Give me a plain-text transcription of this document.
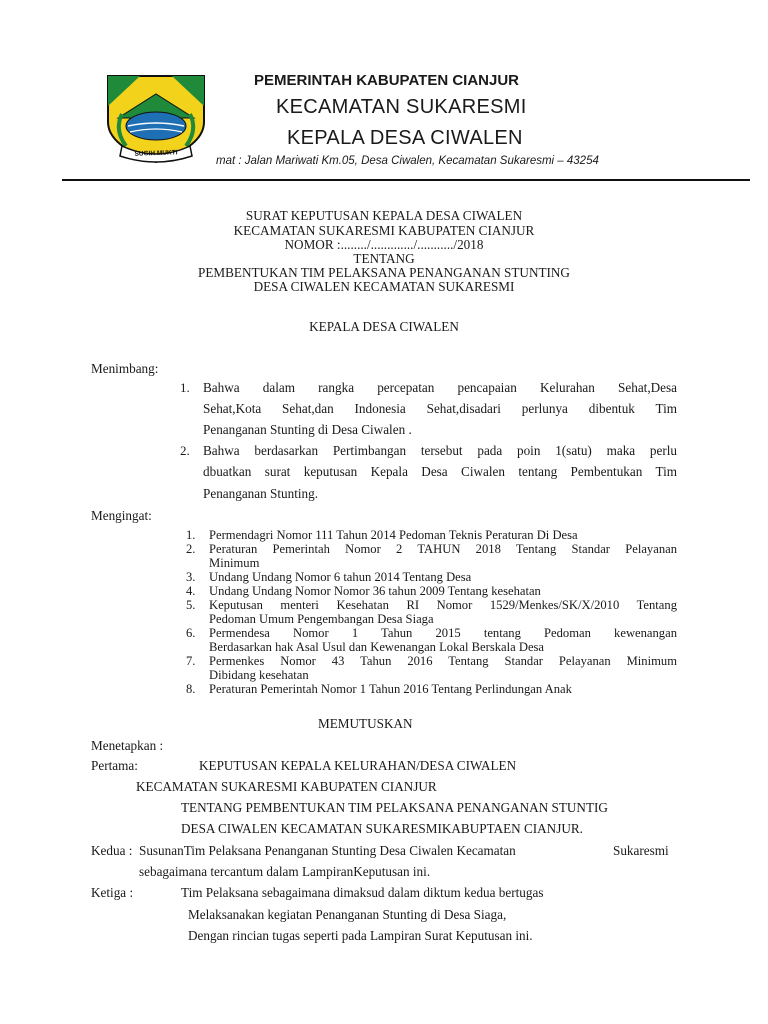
SUGIH MUKTI
PEMERINTAH KABUPATEN CIANJUR
KECAMATAN SUKARESMI
KEPALA DESA CIWALEN
mat : Jalan Mariwati Km.05, Desa Ciwalen, Kecamatan Sukaresmi – 43254
SURAT KEPUTUSAN KEPALA DESA CIWALEN
KECAMATAN SUKARESMI KABUPATEN CIANJUR
NOMOR :......../............./.........../2018
TENTANG
PEMBENTUKAN TIM PELAKSANA PENANGANAN STUNTING
DESA CIWALEN KECAMATAN SUKARESMI
KEPALA DESA CIWALEN
Menimbang:
1. Bahwa dalam rangka percepatan pencapaian Kelurahan Sehat,Desa
Sehat,Kota Sehat,dan Indonesia Sehat,disadari perlunya dibentuk Tim
Penanganan Stunting di Desa Ciwalen .
2. Bahwa berdasarkan Pertimbangan tersebut pada poin 1(satu) maka perlu
dbuatkan surat keputusan Kepala Desa Ciwalen tentang Pembentukan Tim
Penanganan Stunting.
Mengingat:
1. Permendagri Nomor 111 Tahun 2014 Pedoman Teknis Peraturan Di Desa
2. Peraturan Pemerintah Nomor 2 TAHUN 2018 Tentang Standar Pelayanan
Minimum
3. Undang Undang Nomor 6 tahun 2014 Tentang Desa
4. Undang Undang Nomor Nomor 36 tahun 2009 Tentang kesehatan
5. Keputusan menteri Kesehatan RI Nomor 1529/Menkes/SK/X/2010 Tentang
Pedoman Umum Pengembangan Desa Siaga
6. Permendesa Nomor 1 Tahun 2015 tentang Pedoman kewenangan
Berdasarkan hak Asal Usul dan Kewenangan Lokal Berskala Desa
7. Permenkes Nomor 43 Tahun 2016 Tentang Standar Pelayanan Minimum
Dibidang kesehatan
8. Peraturan Pemerintah Nomor 1 Tahun 2016 Tentang Perlindungan Anak
MEMUTUSKAN
Menetapkan :
Pertama:	KEPUTUSAN KEPALA KELURAHAN/DESA CIWALEN
KECAMATAN SUKARESMI KABUPATEN CIANJUR
TENTANG PEMBENTUKAN TIM PELAKSANA PENANGANAN STUNTIG
DESA CIWALEN KECAMATAN SUKARESMIKABUPTAEN CIANJUR.
Kedua : SusunanTim Pelaksana Penanganan Stunting Desa Ciwalen Kecamatan	Sukaresmi
sebagaimana tercantum dalam LampiranKeputusan ini.
Ketiga :	Tim Pelaksana sebagaimana dimaksud dalam diktum kedua bertugas
Melaksanakan kegiatan Penanganan Stunting di Desa Siaga,
Dengan rincian tugas seperti pada Lampiran Surat Keputusan ini.
